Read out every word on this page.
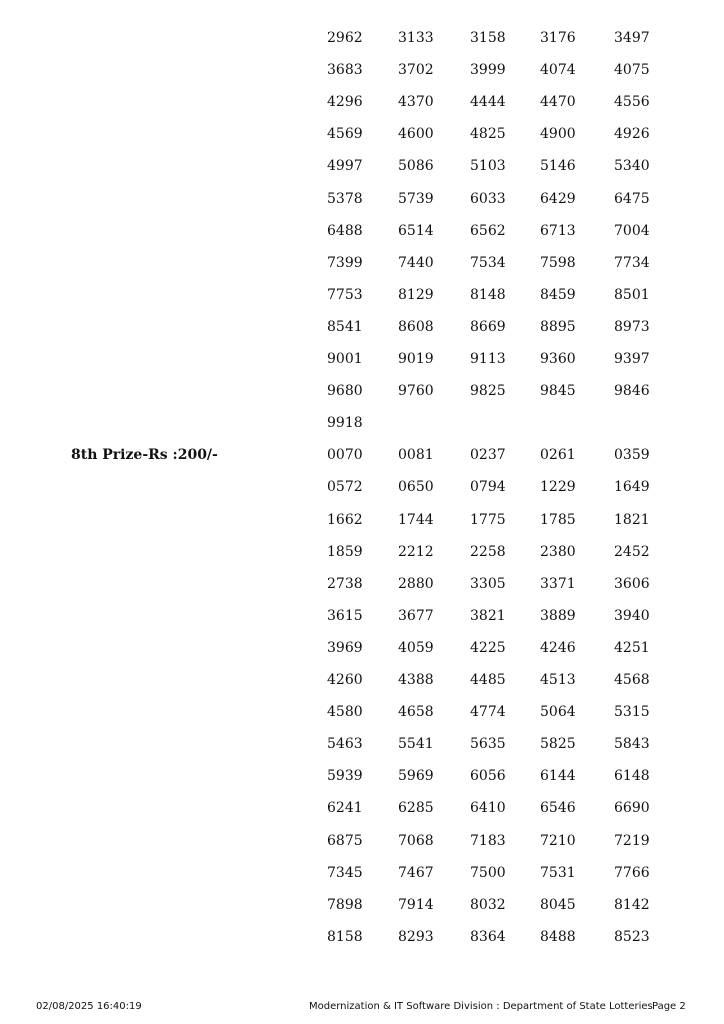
2962	3133	3158 3176	3497
3683	3702	3999 4074	4075
4296	4370	4444 4470	4556
4569	4600	4825 4900	4926
4997	5086	5103 5146	5340
5378	5739	6033 6429	6475
6488	6514	6562 6713	7004
7399	7440	7534 7598	7734
7753	8129	8148 8459	8501
8541	8608	8669 8895	8973
9001	9019	9113 9360	9397
9680	9760	9825 9845	9846
9918
8th Prize-Rs :200/-	0070	0081	0237 0261	0359
0572	0650	0794 1229	1649
1662	1744	1775 1785	1821
1859	2212	2258 2380	2452
2738	2880	3305 3371	3606
3615	3677	3821 3889	3940
3969	4059	4225 4246	4251
4260	4388	4485 4513	4568
4580	4658	4774 5064	5315
5463	5541	5635 5825	5843
5939	5969	6056 6144	6148
6241	6285	6410 6546	6690
6875	7068	7183 7210	7219
7345	7467	7500 7531	7766
7898	7914	8032 8045	8142
8158	8293	8364 8488	8523
02/08/2025 16:40:19	Modernization & IT Software Division : Department of State Lotteries Page 2
